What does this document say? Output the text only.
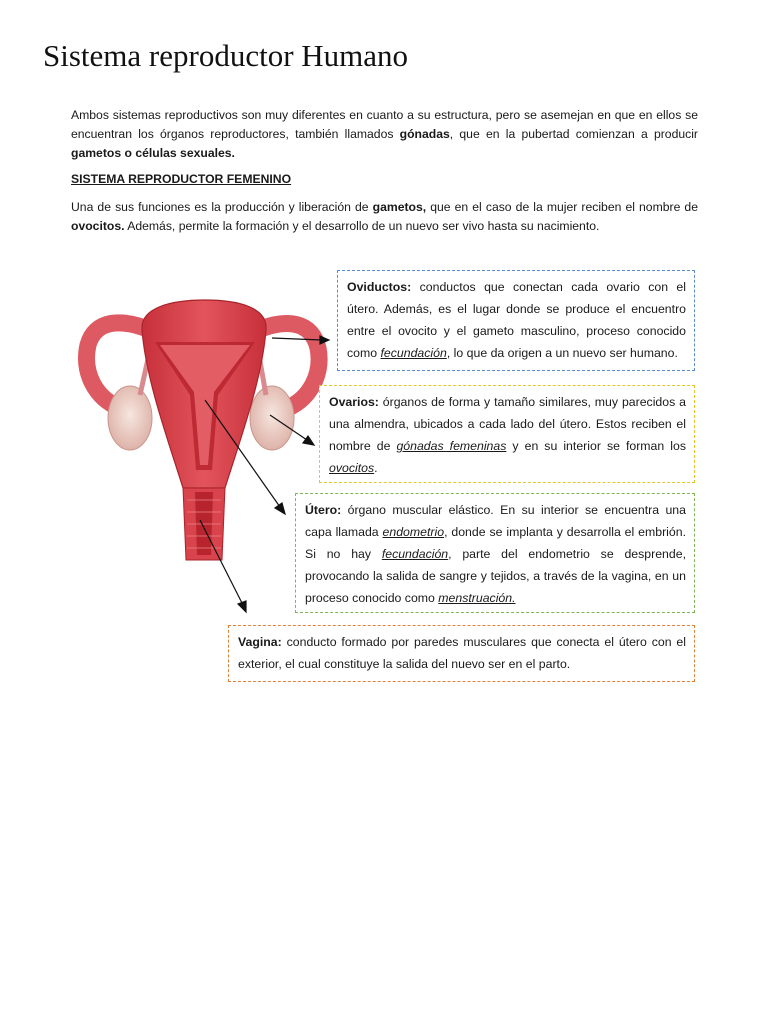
Sistema reproductor Humano

Ambos sistemas reproductivos son muy diferentes en cuanto a su estructura, pero se asemejan en que en ellos se encuentran los órganos reproductores, también llamados gónadas, que en la pubertad comienzan a producir gametos o células sexuales.

SISTEMA REPRODUCTOR FEMENINO

Una de sus funciones es la producción y liberación de gametos, que en el caso de la mujer reciben el nombre de ovocitos. Además, permite la formación y el desarrollo de un nuevo ser vivo hasta su nacimiento.

Oviductos: conductos que conectan cada ovario con el útero. Además, es el lugar donde se produce el encuentro entre el ovocito y el gameto masculino, proceso conocido como fecundación, lo que da origen a un nuevo ser humano.
Ovarios: órganos de forma y tamaño similares, muy parecidos a una almendra, ubicados a cada lado del útero. Estos reciben el nombre de gónadas femeninas y en su interior se forman los ovocitos.
Útero: órgano muscular elástico. En su interior se encuentra una capa llamada endometrio, donde se implanta y desarrolla el embrión. Si no hay fecundación, parte del endometrio se desprende, provocando la salida de sangre y tejidos, a través de la vagina, en un proceso conocido como menstruación.
Vagina: conducto formado por paredes musculares que conecta el útero con el exterior, el cual constituye la salida del nuevo ser en el parto.
